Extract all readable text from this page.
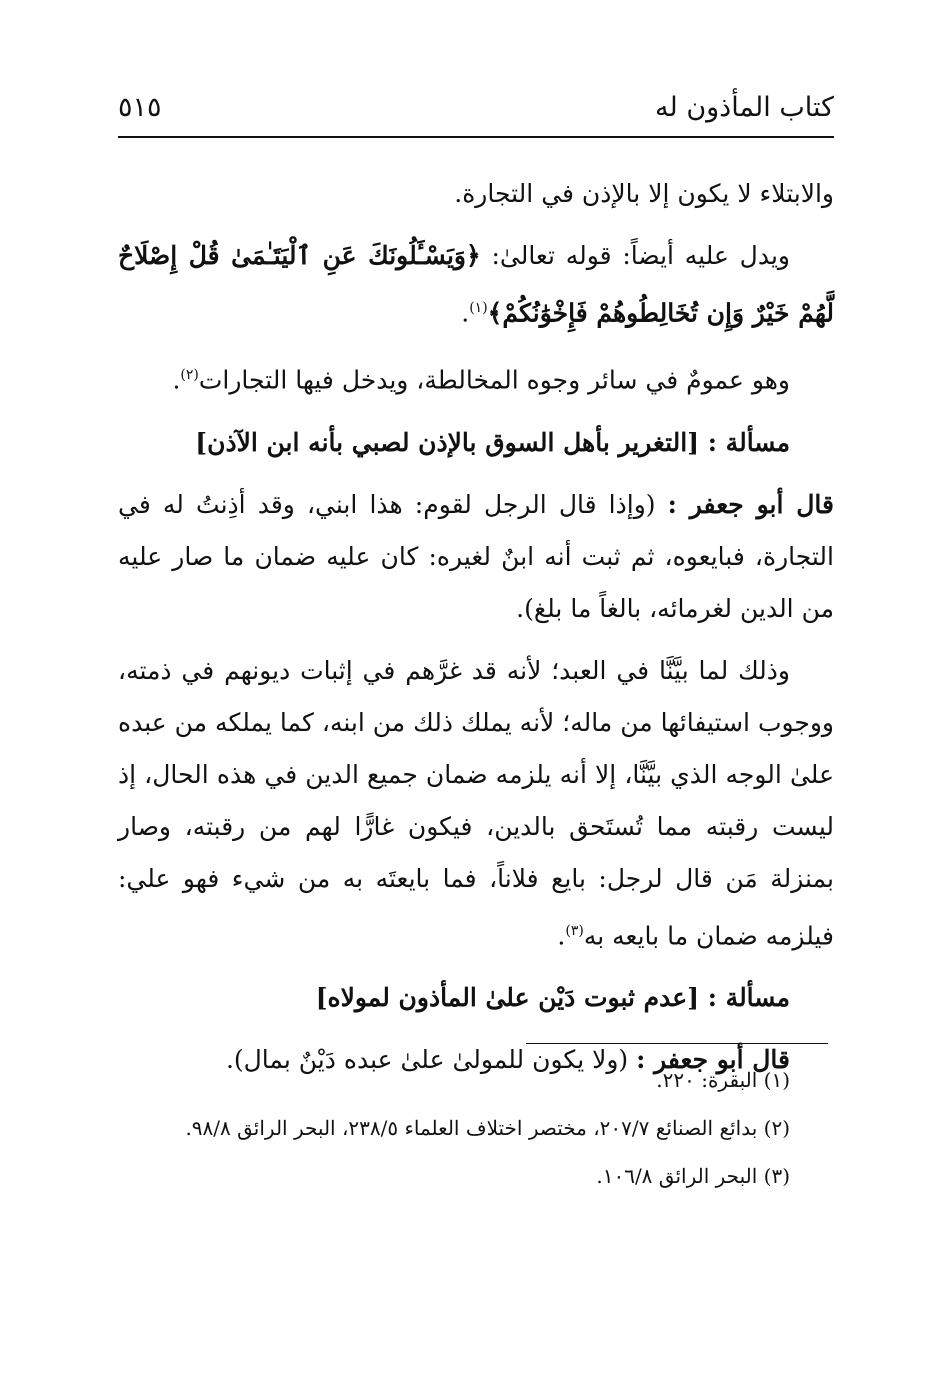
كتاب المأذون له
٥١٥

والابتلاء لا يكون إلا بالإذن في التجارة.

ويدل عليه أيضاً: قوله تعالىٰ: ﴿وَيَسْـَٔلُونَكَ عَنِ ٱلْيَتَـٰمَىٰ قُلْ إِصْلَاحٌ لَّهُمْ خَيْرٌ وَإِن تُخَالِطُوهُمْ فَإِخْوَٰنُكُمْ﴾$^{(١)}$.

وهو عمومٌ في سائر وجوه المخالطة، ويدخل فيها التجارات$^{(٢)}$.

مسألة : [التغرير بأهل السوق بالإذن لصبي بأنه ابن الآذن]

قال أبو جعفر : (وإذا قال الرجل لقوم: هذا ابني، وقد أذِنتُ له في التجارة، فبايعوه، ثم ثبت أنه ابنٌ لغيره: كان عليه ضمان ما صار عليه من الدين لغرمائه، بالغاً ما بلغ).

وذلك لما بيَّنَّا في العبد؛ لأنه قد غرَّهم في إثبات ديونهم في ذمته، ووجوب استيفائها من ماله؛ لأنه يملك ذلك من ابنه، كما يملكه من عبده علىٰ الوجه الذي بيَّنَّا، إلا أنه يلزمه ضمان جميع الدين في هذه الحال، إذ ليست رقبته مما تُستَحق بالدين، فيكون غارًّا لهم من رقبته، وصار بمنزلة مَن قال لرجل: بايع فلاناً، فما بايعتَه به من شيء فهو علي: فيلزمه ضمان ما بايعه به$^{(٣)}$.

مسألة : [عدم ثبوت دَيْن علىٰ المأذون لمولاه]

قال أبو جعفر : (ولا يكون للمولىٰ علىٰ عبده دَيْنٌ بمال).

(١) البقرة: ٢٢٠.

(٢) بدائع الصنائع ٢٠٧/٧، مختصر اختلاف العلماء ٢٣٨/٥، البحر الرائق ٩٨/٨.

(٣) البحر الرائق ١٠٦/٨.
